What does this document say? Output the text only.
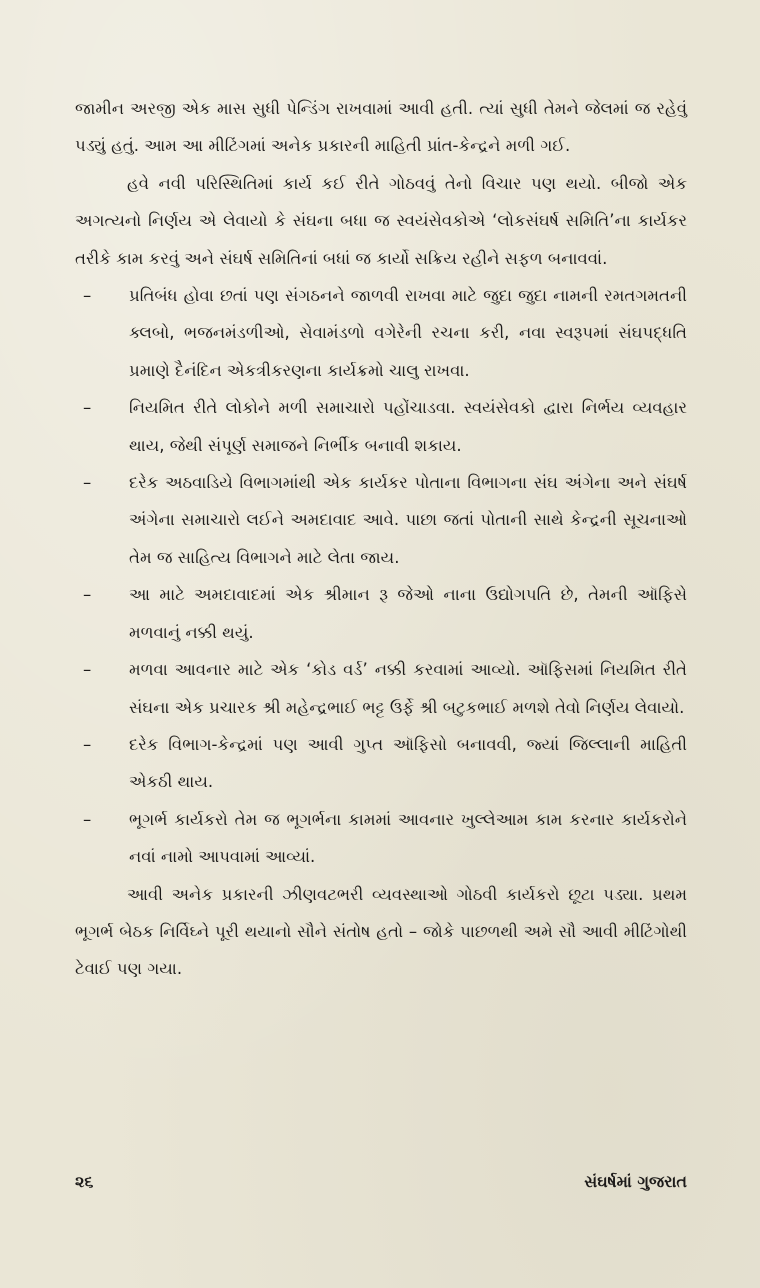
જામીન અરજી એક માસ સુધી પેન્ડિંગ રાખવામાં આવી હતી. ત્યાં સુધી તેમને જેલમાં જ રહેવું પડ્યું હતું. આમ આ મીટિંગમાં અનેક પ્રકારની માહિતી પ્રાંત-કેન્દ્રને મળી ગઈ.

હવે નવી પરિસ્થિતિમાં કાર્ય કઈ રીતે ગોઠવવું તેનો વિચાર પણ થયો. બીજો એક અગત્યનો નિર્ણય એ લેવાયો કે સંઘના બધા જ સ્વયંસેવકોએ ‘લોકસંઘર્ષ સમિતિ’ના કાર્યકર તરીકે કામ કરવું અને સંઘર્ષ સમિતિનાં બધાં જ કાર્યો સક્રિય રહીને સફળ બનાવવાં.

– પ્રતિબંધ હોવા છતાં પણ સંગઠનને જાળવી રાખવા માટે જુદા જુદા નામની રમતગમતની ક્લબો, ભજનમંડળીઓ, સેવામંડળો વગેરેની રચના કરી, નવા સ્વરૂપમાં સંઘપદ્ધતિ પ્રમાણે દૈનંદિન એકત્રીકરણના કાર્યક્રમો ચાલુ રાખવા.
– નિયમિત રીતે લોકોને મળી સમાચારો પહોંચાડવા. સ્વયંસેવકો દ્વારા નિર્ભય વ્યવહાર થાય, જેથી સંપૂર્ણ સમાજને નિર્ભીક બનાવી શકાય.
– દરેક અઠવાડિયે વિભાગમાંથી એક કાર્યકર પોતાના વિભાગના સંઘ અંગેના અને સંઘર્ષ અંગેના સમાચારો લઈને અમદાવાદ આવે. પાછા જતાં પોતાની સાથે કેન્દ્રની સૂચનાઓ તેમ જ સાહિત્ય વિભાગને માટે લેતા જાય.
– આ માટે અમદાવાદમાં એક શ્રીમાન રૂ જેઓ નાના ઉદ્યોગપતિ છે, તેમની ઑફિસે મળવાનું નક્કી થયું.
– મળવા આવનાર માટે એક ‘કોડ વર્ડ’ નક્કી કરવામાં આવ્યો. ઑફિસમાં નિયમિત રીતે સંઘના એક પ્રચારક શ્રી મહેન્દ્રભાઈ ભટ્ટ ઉર્ફે શ્રી બટુકભાઈ મળશે તેવો નિર્ણય લેવાયો.
– દરેક વિભાગ-કેન્દ્રમાં પણ આવી ગુપ્ત ઑફિસો બનાવવી, જ્યાં જિલ્લાની માહિતી એકઠી થાય.
– ભૂગર્ભ કાર્યકરો તેમ જ ભૂગર્ભના કામમાં આવનાર ખુલ્લેઆમ કામ કરનાર કાર્યકરોને નવાં નામો આપવામાં આવ્યાં.

આવી અનેક પ્રકારની ઝીણવટભરી વ્યવસ્થાઓ ગોઠવી કાર્યકરો છૂટા પડ્યા. પ્રથમ ભૂગર્ભ બેઠક નિર્વિઘ્ને પૂરી થયાનો સૌને સંતોષ હતો – જોકે પાછળથી અમે સૌ આવી મીટિંગોથી ટેવાઈ પણ ગયા.

૨૬	સંઘર્ષમાં ગુજરાત
